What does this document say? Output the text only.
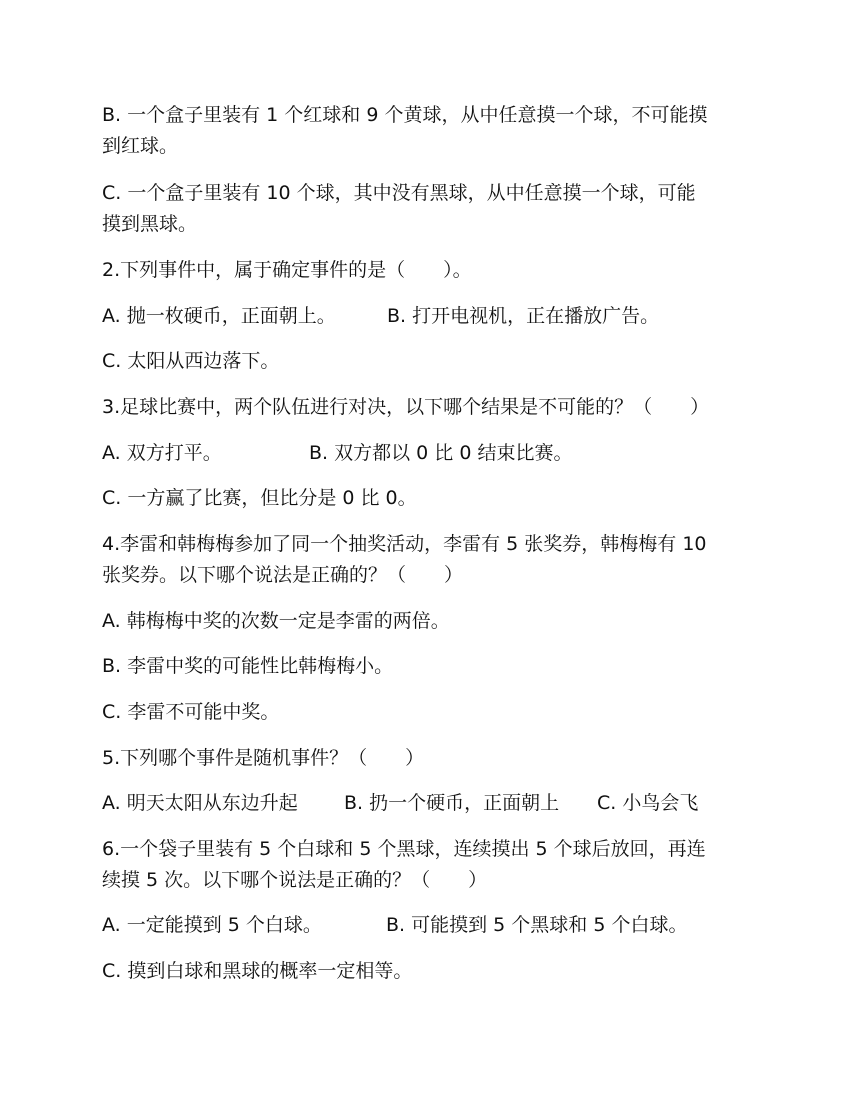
B. 一个盒子里装有 1 个红球和 9 个黄球，从中任意摸一个球，不可能摸
到红球。
C. 一个盒子里装有 10 个球，其中没有黑球，从中任意摸一个球，可能
摸到黑球。
2.下列事件中，属于确定事件的是（　　）。
A. 抛一枚硬币，正面朝上。	B. 打开电视机，正在播放广告。
C. 太阳从西边落下。
3.足球比赛中，两个队伍进行对决，以下哪个结果是不可能的？（　　）
A. 双方打平。	B. 双方都以 0 比 0 结束比赛。
C. 一方赢了比赛，但比分是 0 比 0。
4.李雷和韩梅梅参加了同一个抽奖活动，李雷有 5 张奖券，韩梅梅有 10
张奖券。以下哪个说法是正确的？（　　）
A. 韩梅梅中奖的次数一定是李雷的两倍。
B. 李雷中奖的可能性比韩梅梅小。
C. 李雷不可能中奖。
5.下列哪个事件是随机事件？（　　）
A. 明天太阳从东边升起 B. 扔一个硬币，正面朝上 C. 小鸟会飞
6.一个袋子里装有 5 个白球和 5 个黑球，连续摸出 5 个球后放回，再连
续摸 5 次。以下哪个说法是正确的？（　　）
A. 一定能摸到 5 个白球。	B. 可能摸到 5 个黑球和 5 个白球。
C. 摸到白球和黑球的概率一定相等。
